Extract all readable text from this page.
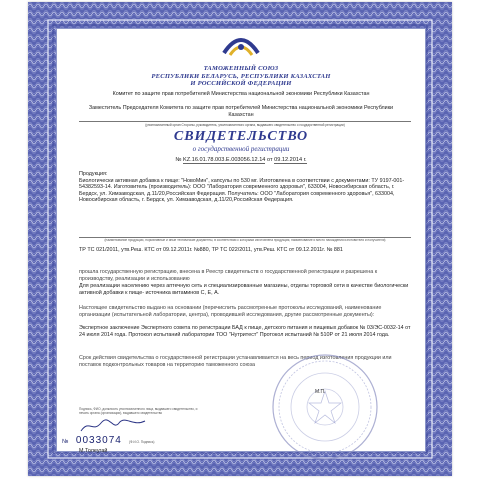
ТАМОЖЕННЫЙ СОЮЗ
РЕСПУБЛИКИ БЕЛАРУСЬ, РЕСПУБЛИКИ КАЗАХСТАН
И РОССИЙСКОЙ ФЕДЕРАЦИИ
Комитет по защите прав потребителей Министерства национальной экономики Республики Казахстан
Заместитель Председателя Комитета по защите прав потребителей Министерства национальной экономики Республики Казахстан
(уполномоченный орган Стороны, руководитель, уполномоченного органа, выдавшего свидетельство о государственной регистрации)
СВИДЕТЕЛЬСТВО
о государственной регистрации
№ KZ.16.01.78.003.Е.003056.12.14 от 09.12.2014 г.
Продукция:
Биологически активная добавка к пище: "НовоМин", капсулы по 530 мг. Изготовлена в соответствии с документами: ТУ 9197-001-54382593-14. Изготовитель (производитель): ООО "Лаборатория современного здоровья", 633004, Новосибирская область, г. Бердск, ул. Химзаводская, д.11/20,Российская Федерация. Получатель: ООО "Лаборатория современного здоровья", 633004, Новосибирская область, г. Бердск, ул. Химзаводская, д.11/20,Российская Федерация.
(наименование продукции, нормативные и иные технические документы, в соответствии с которыми изготовлена продукция, наименование и место нахождения изготовителя и получателя)
ТР ТС 021/2011, утв.Реш. КТС от 09.12.2011г. №880, ТР ТС 022/2011, утв.Реш. КТС от 09.12.2011г. № 881
прошла государственную регистрацию, внесена в Реестр свидетельств о государственной регистрации и разрешена к производству, реализации и использованию
Для реализации населению через аптечную сеть и специализированные магазины, отделы торговой сети в качестве биологически активной добавки к пище- источника витаминов С, Е, А.
Настоящее свидетельство выдано на основании (перечислить рассмотренные протоколы исследований, наименование организации (испытательной лаборатории, центра), проводившей исследования, другие рассмотренные документы):
Экспертное заключение Экспертного совета по регистрации БАД к пище, детского питания и пищевых добавок № 03/ЭС-0032-14 от 24 июля 2014 года. Протокол испытаний лаборатории ТОО "Нутритест" Протокол испытаний № 510Р от 21 июля 2014 года.
Срок действия свидетельства о государственной регистрации устанавливается на весь период изготовления продукции или поставок подконтрольных товаров на территорию таможенного союза
М.П.
Подпись, ФИО, должность уполномоченного лица, выдавшего свидетельство, и печать органа (организации), выдавшего свидетельство
(Ф.И.О. Подпись)
М.Толеугай
№ 0033074
